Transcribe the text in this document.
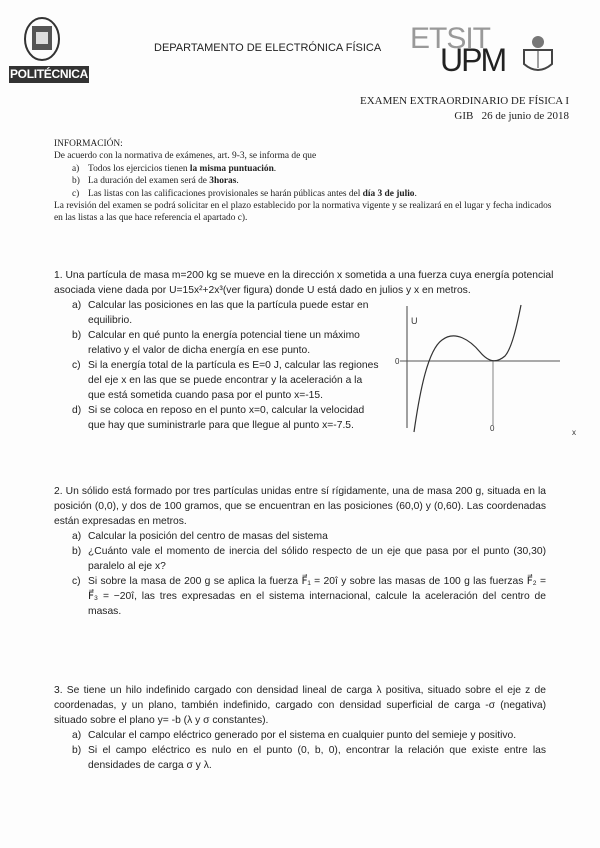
POLITÉCNICA
DEPARTAMENTO DE ELECTRÓNICA FÍSICA ETSIT
UPM
EXAMEN EXTRAORDINARIO DE FÍSICA I
GIB   26 de junio de 2018
INFORMACIÓN:
De acuerdo con la normativa de exámenes, art. 9-3, se informa de que
a) Todos los ejercicios tienen la misma puntuación.
b) La duración del examen será de 3horas.
c) Las listas con las calificaciones provisionales se harán públicas antes del día 3 de julio.
La revisión del examen se podrá solicitar en el plazo establecido por la normativa vigente y se realizará en el lugar y fecha indicados en las listas a las que hace referencia el apartado c).

1. Una partícula de masa m=200 kg se mueve en la dirección x sometida a una fuerza cuya energía potencial asociada viene dada por U=15x²+2x³(ver figura) donde U está dado en julios y x en metros.

a) Calcular las posiciones en las que la partícula puede estar en equilibrio.
b) Calcular en qué punto la energía potencial tiene un máximo relativo y el valor de dicha energía en ese punto.
c) Si la energía total de la partícula es E=0 J, calcular las regiones del eje x en las que se puede encontrar y la aceleración a la que está sometida cuando pasa por el punto x=-15.
d) Si se coloca en reposo en el punto x=0, calcular la velocidad que hay que suministrarle para que llegue al punto x=-7.5.
U
0
0	x

2. Un sólido está formado por tres partículas unidas entre sí rígidamente, una de masa 200 g, situada en la posición (0,0), y dos de 100 gramos, que se encuentran en las posiciones (60,0) y (0,60). Las coordenadas están expresadas en metros.

a) Calcular la posición del centro de masas del sistema
b) ¿Cuánto vale el momento de inercia del sólido respecto de un eje que pasa por el punto (30,30) paralelo al eje x?
c) Si sobre la masa de 200 g se aplica la fuerza F⃗₁ = 20î y sobre las masas de 100 g las fuerzas F⃗₂ = F⃗₃ = −20î, las tres expresadas en el sistema internacional, calcule la aceleración del centro de masas.

3. Se tiene un hilo indefinido cargado con densidad lineal de carga λ positiva, situado sobre el eje z de coordenadas, y un plano, también indefinido, cargado con densidad superficial de carga -σ (negativa) situado sobre el plano y= -b (λ y σ constantes).

a) Calcular el campo eléctrico generado por el sistema en cualquier punto del semieje y positivo.
b) Si el campo eléctrico es nulo en el punto (0, b, 0), encontrar la relación que existe entre las densidades de carga σ y λ.
